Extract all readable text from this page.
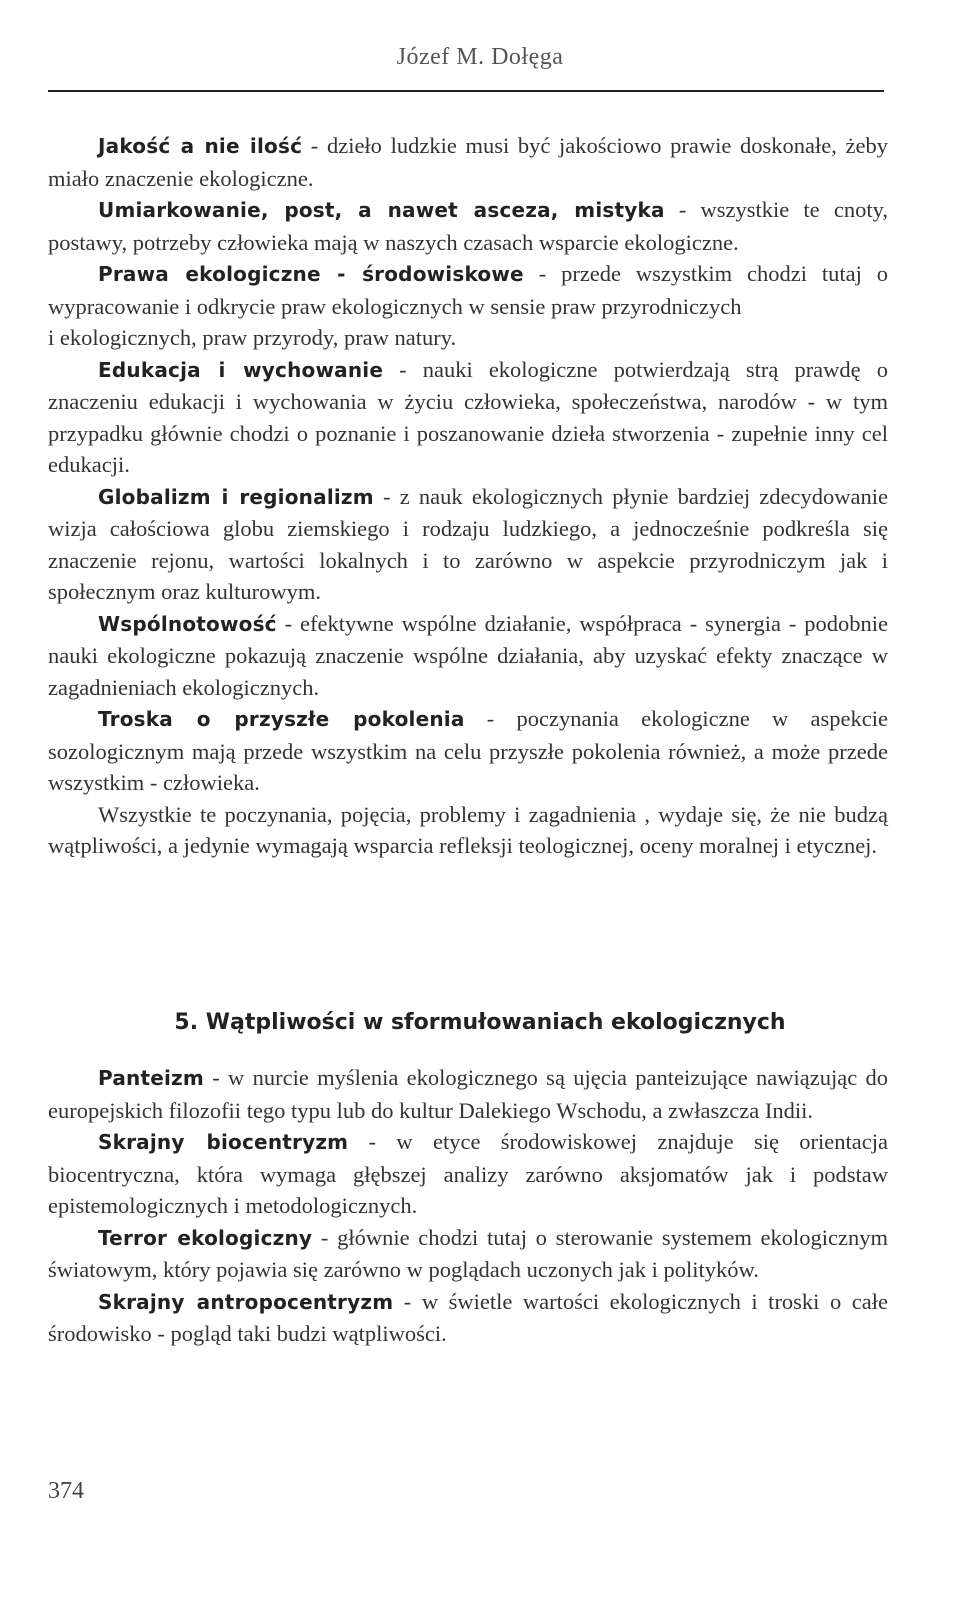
Józef M. Dołęga

Jakość a nie ilość - dzieło ludzkie musi być jakościowo prawie doskonałe, żeby miało znaczenie ekologiczne.

Umiarkowanie, post, a nawet asceza, mistyka - wszystkie te cnoty, postawy, potrzeby człowieka mają w naszych czasach wsparcie ekologiczne.

Prawa ekologiczne - środowiskowe - przede wszystkim chodzi tutaj o wypracowanie i odkrycie praw ekologicznych w sensie praw przyrodniczych

i ekologicznych, praw przyrody, praw natury.

Edukacja i wychowanie - nauki ekologiczne potwierdzają strą prawdę o znaczeniu edukacji i wychowania w życiu człowieka, społeczeństwa, narodów - w tym przypadku głównie chodzi o poznanie i poszanowanie dzieła stworzenia - zupełnie inny cel edukacji.

Globalizm i regionalizm - z nauk ekologicznych płynie bardziej zdecydowanie wizja całościowa globu ziemskiego i rodzaju ludzkiego, a jednocześnie podkreśla się znaczenie rejonu, wartości lokalnych i to zarówno w aspekcie przyrodniczym jak i społecznym oraz kulturowym.

Wspólnotowość - efektywne wspólne działanie, współpraca - synergia - podobnie nauki ekologiczne pokazują znaczenie wspólne działania, aby uzyskać efekty znaczące w zagadnieniach ekologicznych.

Troska o przyszłe pokolenia - poczynania ekologiczne w aspekcie sozologicznym mają przede wszystkim na celu przyszłe pokolenia również, a może przede wszystkim - człowieka.

Wszystkie te poczynania, pojęcia, problemy i zagadnienia , wydaje się, że nie budzą wątpliwości, a jedynie wymagają wsparcia refleksji teologicznej, oceny moralnej i etycznej.

5. Wątpliwości w sformułowaniach ekologicznych

Panteizm - w nurcie myślenia ekologicznego są ujęcia panteizujące nawiązując do europejskich filozofii tego typu lub do kultur Dalekiego Wschodu, a zwłaszcza Indii.

Skrajny biocentryzm - w etyce środowiskowej znajduje się orientacja biocentryczna, która wymaga głębszej analizy zarówno aksjomatów jak i podstaw epistemologicznych i metodologicznych.

Terror ekologiczny - głównie chodzi tutaj o sterowanie systemem ekologicznym światowym, który pojawia się zarówno w poglądach uczonych jak i polityków.

Skrajny antropocentryzm - w świetle wartości ekologicznych i troski o całe środowisko - pogląd taki budzi wątpliwości.

374
